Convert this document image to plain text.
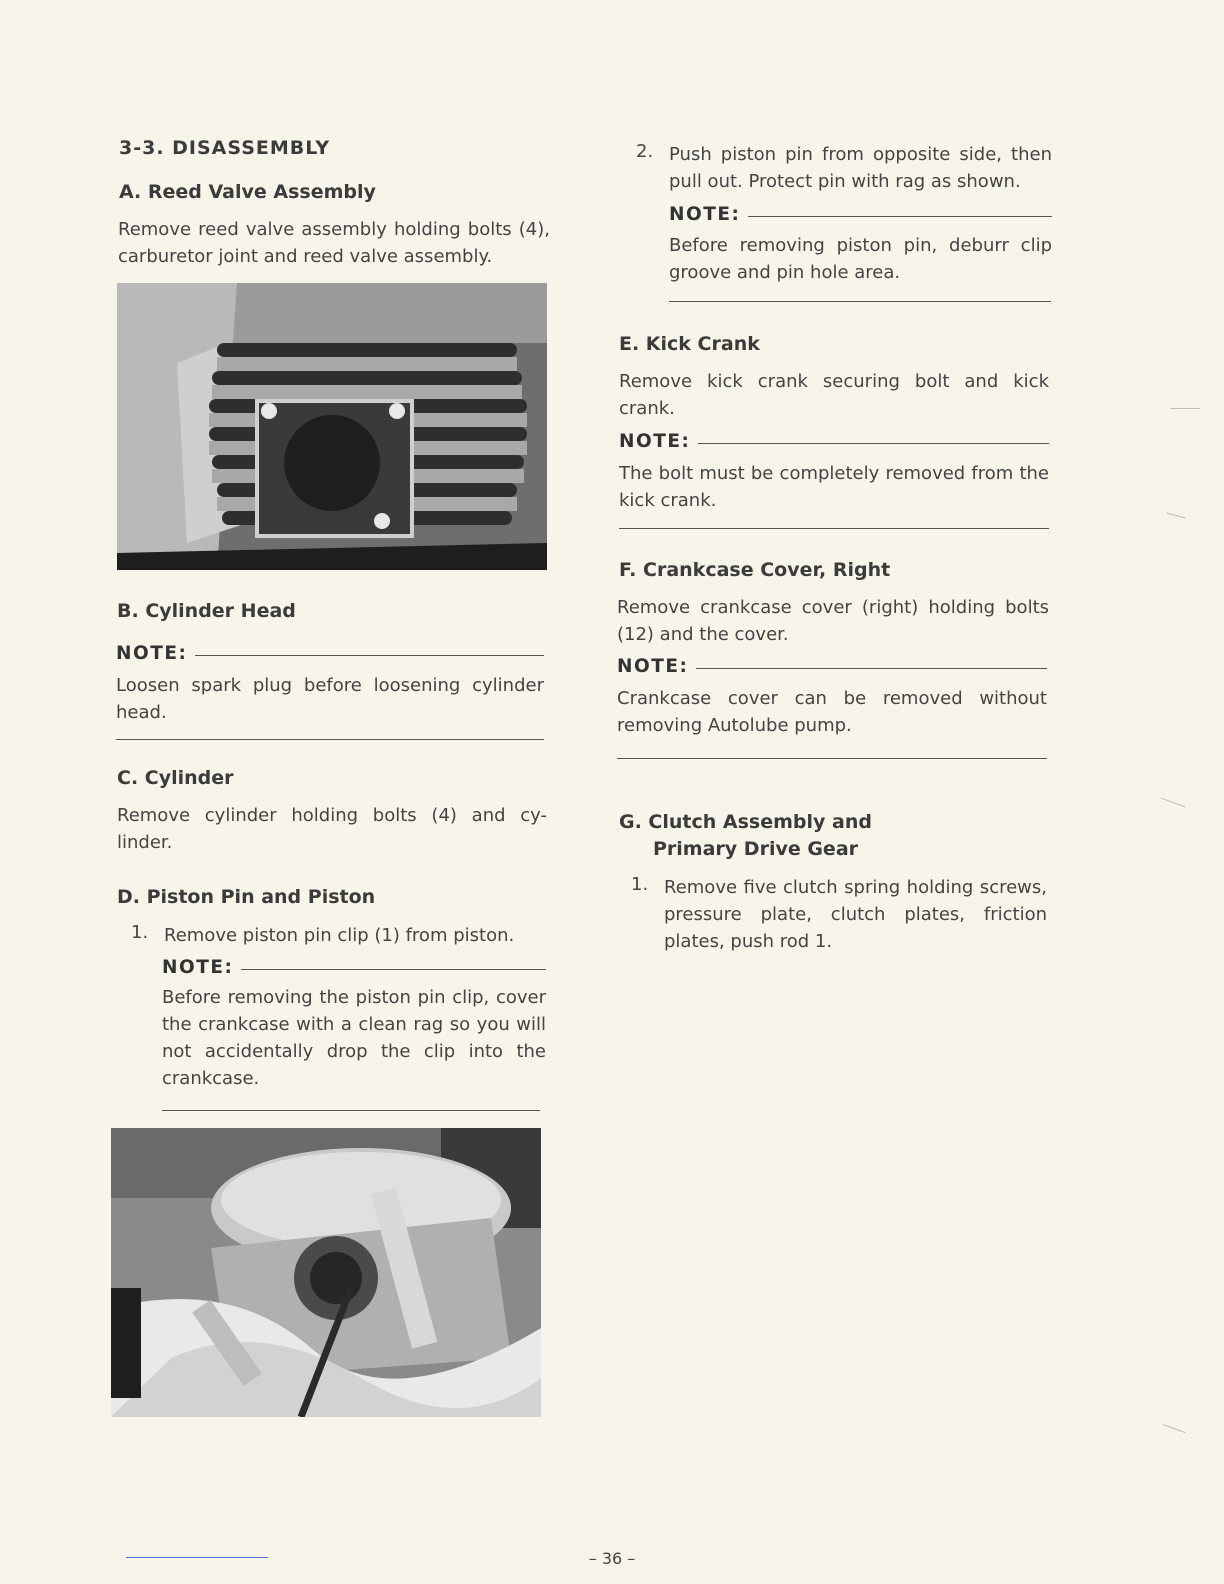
3-3. DISASSEMBLY
A. Reed Valve Assembly
Remove reed valve assembly holding bolts (4), carburetor joint and reed valve assembly.
B. Cylinder Head
NOTE:
Loosen spark plug before loosening cylinder head.
C. Cylinder
Remove cylinder holding bolts (4) and cy-linder.
D. Piston Pin and Piston
1. Remove piston pin clip (1) from piston.
NOTE:
Before removing the piston pin clip, cover the crankcase with a clean rag so you will not accidentally drop the clip into the crankcase.
2. Push piston pin from opposite side, then pull out. Protect pin with rag as shown.
NOTE:
Before removing piston pin, deburr clip groove and pin hole area.
E. Kick Crank
Remove kick crank securing bolt and kick crank.
NOTE:
The bolt must be completely removed from the kick crank.
F. Crankcase Cover, Right
Remove crankcase cover (right) holding bolts (12) and the cover.
NOTE:
Crankcase cover can be removed without removing Autolube pump.
G. Clutch Assembly and
Primary Drive Gear
1. Remove five clutch spring holding screws, pressure plate, clutch plates, friction plates, push rod 1.
– 36 –
